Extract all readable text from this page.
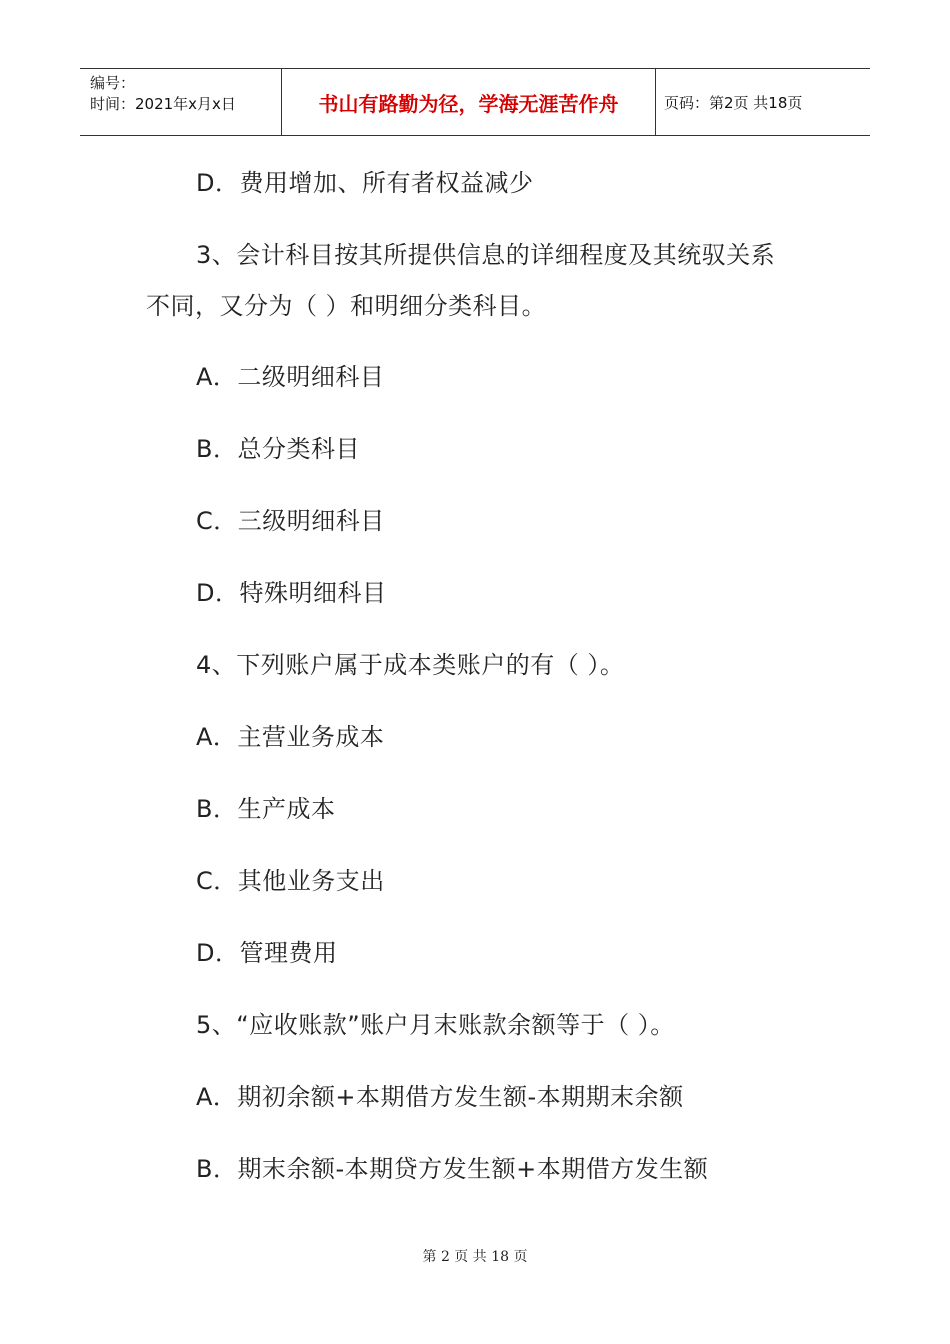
编号：
时间：2021年x月x日	书山有路勤为径，学海无涯苦作舟	页码：第2页 共18页
D．费用增加、所有者权益减少
3、会计科目按其所提供信息的详细程度及其统驭关系
不同，又分为（ ）和明细分类科目。
A．二级明细科目
B．总分类科目
C．三级明细科目
D．特殊明细科目
4、下列账户属于成本类账户的有（ ）。
A．主营业务成本
B．生产成本
C．其他业务支出
D．管理费用
5、“应收账款”账户月末账款余额等于（ ）。
A．期初余额+本期借方发生额-本期期末余额
B．期末余额-本期贷方发生额+本期借方发生额
第 2 页 共 18 页
